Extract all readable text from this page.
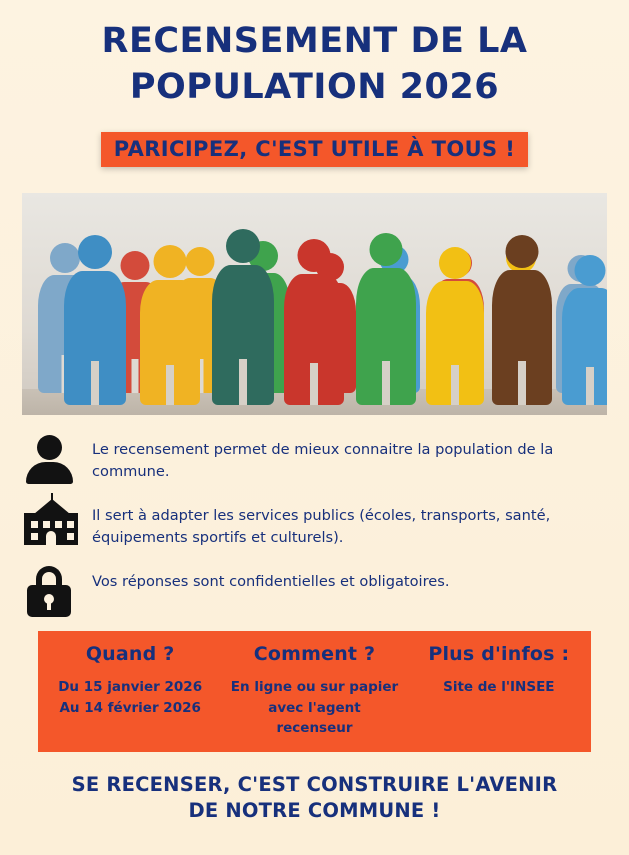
RECENSEMENT DE LA
POPULATION 2026
PARICIPEZ, C'EST UTILE À TOUS !
Le recensement permet de mieux connaitre la population de la commune.
Il sert à adapter les services publics (écoles, transports, santé, équipements sportifs et culturels).
Vos réponses sont confidentielles et obligatoires.
Quand ?
Du 15 janvier 2026
Au 14 février 2026
Comment ?
En ligne ou sur papier
avec l'agent recenseur
Plus d'infos :
Site de l'INSEE
SE RECENSER, C'EST CONSTRUIRE L'AVENIR
DE NOTRE COMMUNE !
